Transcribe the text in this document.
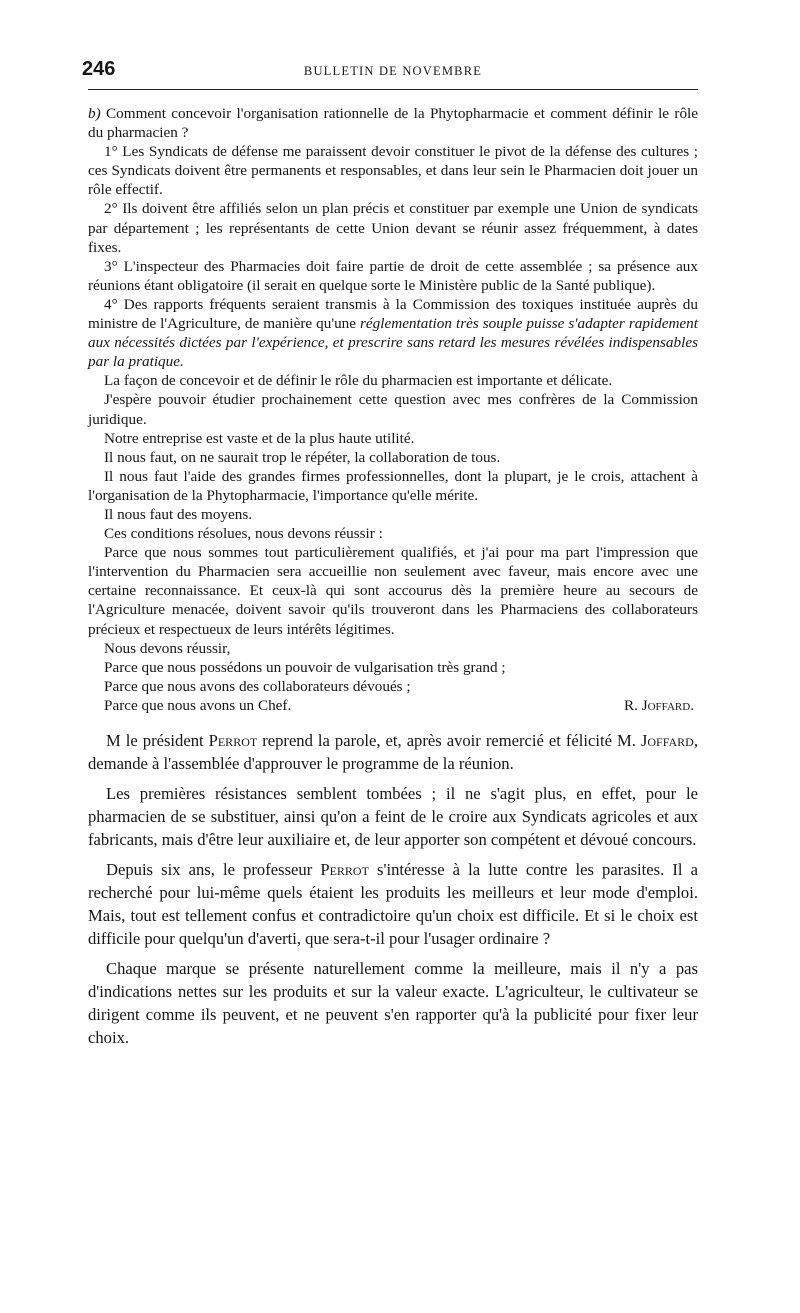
246	BULLETIN DE NOVEMBRE

b) Comment concevoir l'organisation rationnelle de la Phytopharmacie et comment définir le rôle du pharmacien ?

1° Les Syndicats de défense me paraissent devoir constituer le pivot de la défense des cultures ; ces Syndicats doivent être permanents et responsables, et dans leur sein le Pharmacien doit jouer un rôle effectif.

2° Ils doivent être affiliés selon un plan précis et constituer par exemple une Union de syndicats par département ; les représentants de cette Union devant se réunir assez fréquemment, à dates fixes.

3° L'inspecteur des Pharmacies doit faire partie de droit de cette assemblée ; sa présence aux réunions étant obligatoire (il serait en quelque sorte le Ministère public de la Santé publique).

4° Des rapports fréquents seraient transmis à la Commission des toxiques instituée auprès du ministre de l'Agriculture, de manière qu'une réglementation très souple puisse s'adapter rapidement aux nécessités dictées par l'expérience, et prescrire sans retard les mesures révélées indispensables par la pratique.

La façon de concevoir et de définir le rôle du pharmacien est importante et délicate.

J'espère pouvoir étudier prochainement cette question avec mes confrères de la Commission juridique.

Notre entreprise est vaste et de la plus haute utilité.

Il nous faut, on ne saurait trop le répéter, la collaboration de tous.

Il nous faut l'aide des grandes firmes professionnelles, dont la plupart, je le crois, attachent à l'organisation de la Phytopharmacie, l'importance qu'elle mérite.

Il nous faut des moyens.

Ces conditions résolues, nous devons réussir :

Parce que nous sommes tout particulièrement qualifiés, et j'ai pour ma part l'impression que l'intervention du Pharmacien sera accueillie non seulement avec faveur, mais encore avec une certaine reconnaissance. Et ceux-là qui sont accourus dès la première heure au secours de l'Agriculture menacée, doivent savoir qu'ils trouveront dans les Pharmaciens des collaborateurs précieux et respectueux de leurs intérêts légitimes.

Nous devons réussir,

Parce que nous possédons un pouvoir de vulgarisation très grand ;

Parce que nous avons des collaborateurs dévoués ;

Parce que nous avons un Chef.	R. Joffard.

M le président Perrot reprend la parole, et, après avoir remercié et félicité M. Joffard, demande à l'assemblée d'approuver le programme de la réunion.

Les premières résistances semblent tombées ; il ne s'agit plus, en effet, pour le pharmacien de se substituer, ainsi qu'on a feint de le croire aux Syndicats agricoles et aux fabricants, mais d'être leur auxiliaire et, de leur apporter son compétent et dévoué concours.

Depuis six ans, le professeur Perrot s'intéresse à la lutte contre les parasites. Il a recherché pour lui-même quels étaient les produits les meilleurs et leur mode d'emploi. Mais, tout est tellement confus et contradictoire qu'un choix est difficile. Et si le choix est difficile pour quelqu'un d'averti, que sera-t-il pour l'usager ordinaire ?

Chaque marque se présente naturellement comme la meilleure, mais il n'y a pas d'indications nettes sur les produits et sur la valeur exacte. L'agriculteur, le cultivateur se dirigent comme ils peuvent, et ne peuvent s'en rapporter qu'à la publicité pour fixer leur choix.
